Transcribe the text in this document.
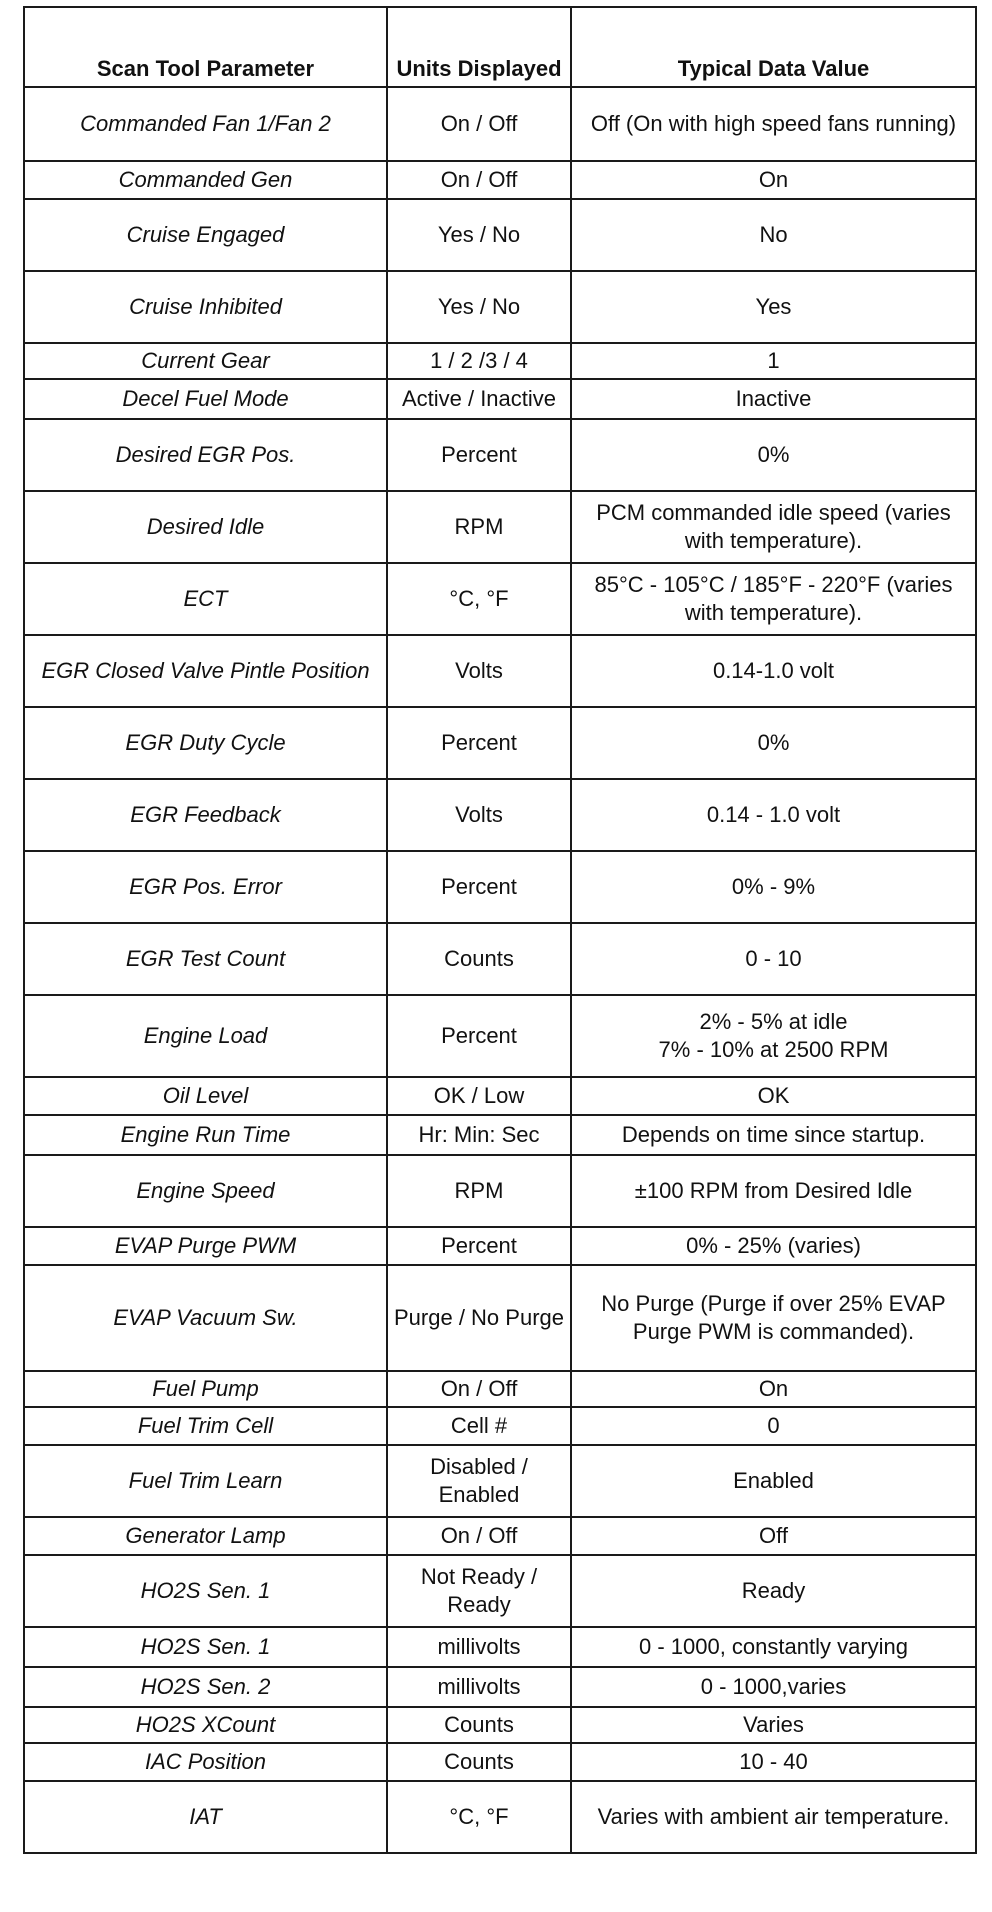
Scan Tool Parameter	Units Displayed	Typical Data Value
Commanded Fan 1/Fan 2	On / Off	Off (On with high speed fans running)
Commanded Gen	On / Off	On
Cruise Engaged	Yes / No	No
Cruise Inhibited	Yes / No	Yes
Current Gear	1 / 2 /3 / 4	1
Decel Fuel Mode	Active / Inactive	Inactive
Desired EGR Pos.	Percent	0%
Desired Idle	RPM	PCM commanded idle speed (varies with temperature).
ECT	°C, °F	85°C - 105°C / 185°F - 220°F (varies with temperature).
EGR Closed Valve Pintle Position	Volts	0.14-1.0 volt
EGR Duty Cycle	Percent	0%
EGR Feedback	Volts	0.14 - 1.0 volt
EGR Pos. Error	Percent	0% - 9%
EGR Test Count	Counts	0 - 10
Engine Load	Percent	2% - 5% at idle
7% - 10% at 2500 RPM
Oil Level	OK / Low	OK
Engine Run Time	Hr: Min: Sec	Depends on time since startup.
Engine Speed	RPM	±100 RPM from Desired Idle
EVAP Purge PWM	Percent	0% - 25% (varies)
EVAP Vacuum Sw.	Purge / No Purge	No Purge (Purge if over 25% EVAP Purge PWM is commanded).
Fuel Pump	On / Off	On
Fuel Trim Cell	Cell #	0
Fuel Trim Learn	Disabled / Enabled	Enabled
Generator Lamp	On / Off	Off
HO2S Sen. 1	Not Ready / Ready	Ready
HO2S Sen. 1	millivolts	0 - 1000, constantly varying
HO2S Sen. 2	millivolts	0 - 1000,varies
HO2S XCount	Counts	Varies
IAC Position	Counts	10 - 40
IAT	°C, °F	Varies with ambient air temperature.
